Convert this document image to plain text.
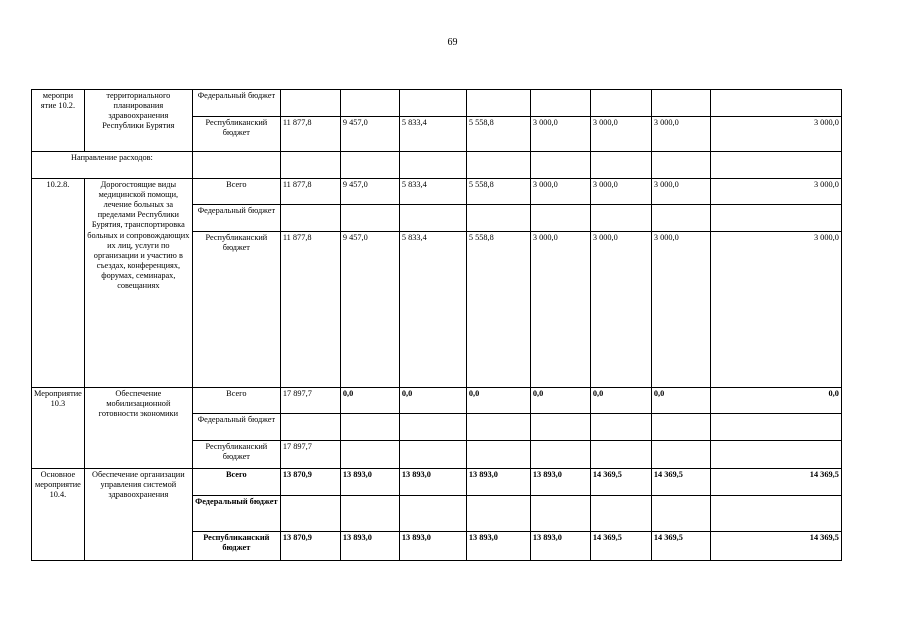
69
меропри ятие 10.2.	территориального планирования здравоохранения Республики Бурятия	Федеральный бюджет								
		Республиканский бюджет	11 877,8	9 457,0	5 833,4	5 558,8	3 000,0	3 000,0	3 000,0	3 000,0
Направление расходов:										
10.2.8.	Дорогостоящие виды медицинской помощи, лечение больных за пределами Республики Бурятия, транспортировка больных и сопровождающих их лиц, услуги по организации и участию в съездах, конференциях, форумах, семинарах, совещаниях	Всего	11 877,8	9 457,0	5 833,4	5 558,8	3 000,0	3 000,0	3 000,0	3 000,0
		Федеральный бюджет								
		Республиканский бюджет	11 877,8	9 457,0	5 833,4	5 558,8	3 000,0	3 000,0	3 000,0	3 000,0
Мероприятие 10.3	Обеспечение мобилизационной готовности экономики	Всего	17 897,7	0,0	0,0	0,0	0,0	0,0	0,0	0,0
		Федеральный бюджет								
		Республиканский бюджет	17 897,7							
Основное мероприятие 10.4.	Обеспечение организации управления системой здравоохранения	Всего	13 870,9	13 893,0	13 893,0	13 893,0	13 893,0	14 369,5	14 369,5	14 369,5
		Федеральный бюджет								
		Республиканский бюджет	13 870,9	13 893,0	13 893,0	13 893,0	13 893,0	14 369,5	14 369,5	14 369,5
